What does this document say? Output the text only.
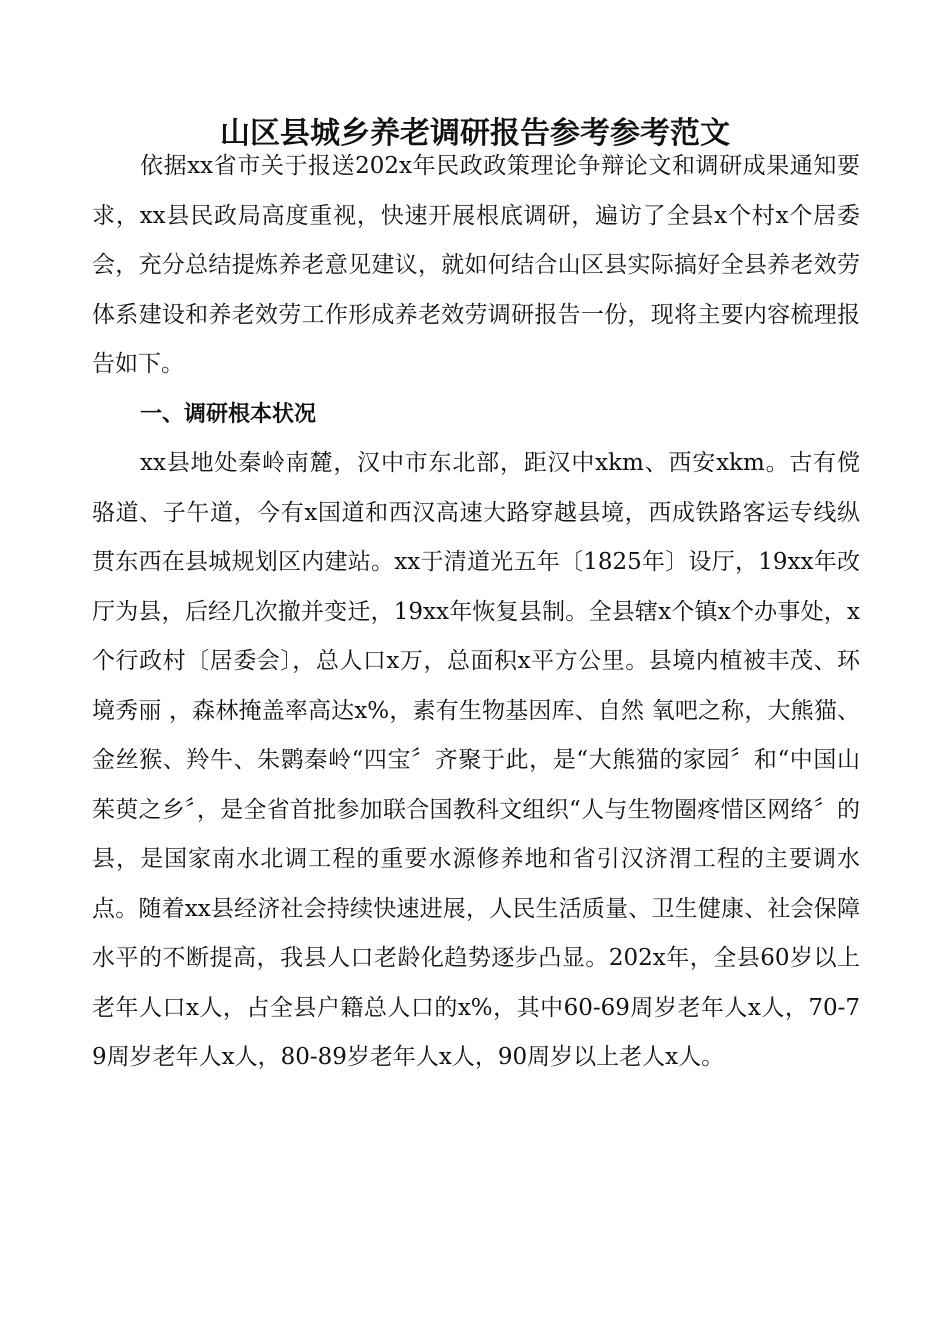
山区县城乡养老调研报告参考参考范文

依据xx省市关于报送202x年民政政策理论争辩论文和调研成果通知要求，xx县民政局高度重视，快速开展根底调研，遍访了全县x个村x个居委会，充分总结提炼养老意见建议，就如何结合山区县实际搞好全县养老效劳体系建设和养老效劳工作形成养老效劳调研报告一份，现将主要内容梳理报告如下。

一、调研根本状况

xx县地处秦岭南麓，汉中市东北部，距汉中xkm、西安xkm。古有傥骆道、子午道，今有x国道和西汉高速大路穿越县境，西成铁路客运专线纵贯东西在县城规划区内建站。xx于清道光五年〔1825年〕设厅，19xx年改厅为县，后经几次撤并变迁，19xx年恢复县制。全县辖x个镇x个办事处，x个行政村〔居委会〕，总人口x万，总面积x平方公里。县境内植被丰茂、环境秀丽 ，森林掩盖率高达x%，素有生物基因库、自然 氧吧之称，大熊猫、金丝猴、羚牛、朱鹮秦岭“四宝〞齐聚于此，是“大熊猫的家园〞和“中国山茱萸之乡〞，是全省首批参加联合国教科文组织“人与生物圈疼惜区网络〞的县，是国家南水北调工程的重要水源修养地和省引汉济渭工程的主要调水点。随着xx县经济社会持续快速进展，人民生活质量、卫生健康、社会保障水平的不断提高，我县人口老龄化趋势逐步凸显。202x年，全县60岁以上老年人口x人，占全县户籍总人口的x%，其中60-69周岁老年人x人，70-79周岁老年人x人，80-89岁老年人x人，90周岁以上老人x人。
